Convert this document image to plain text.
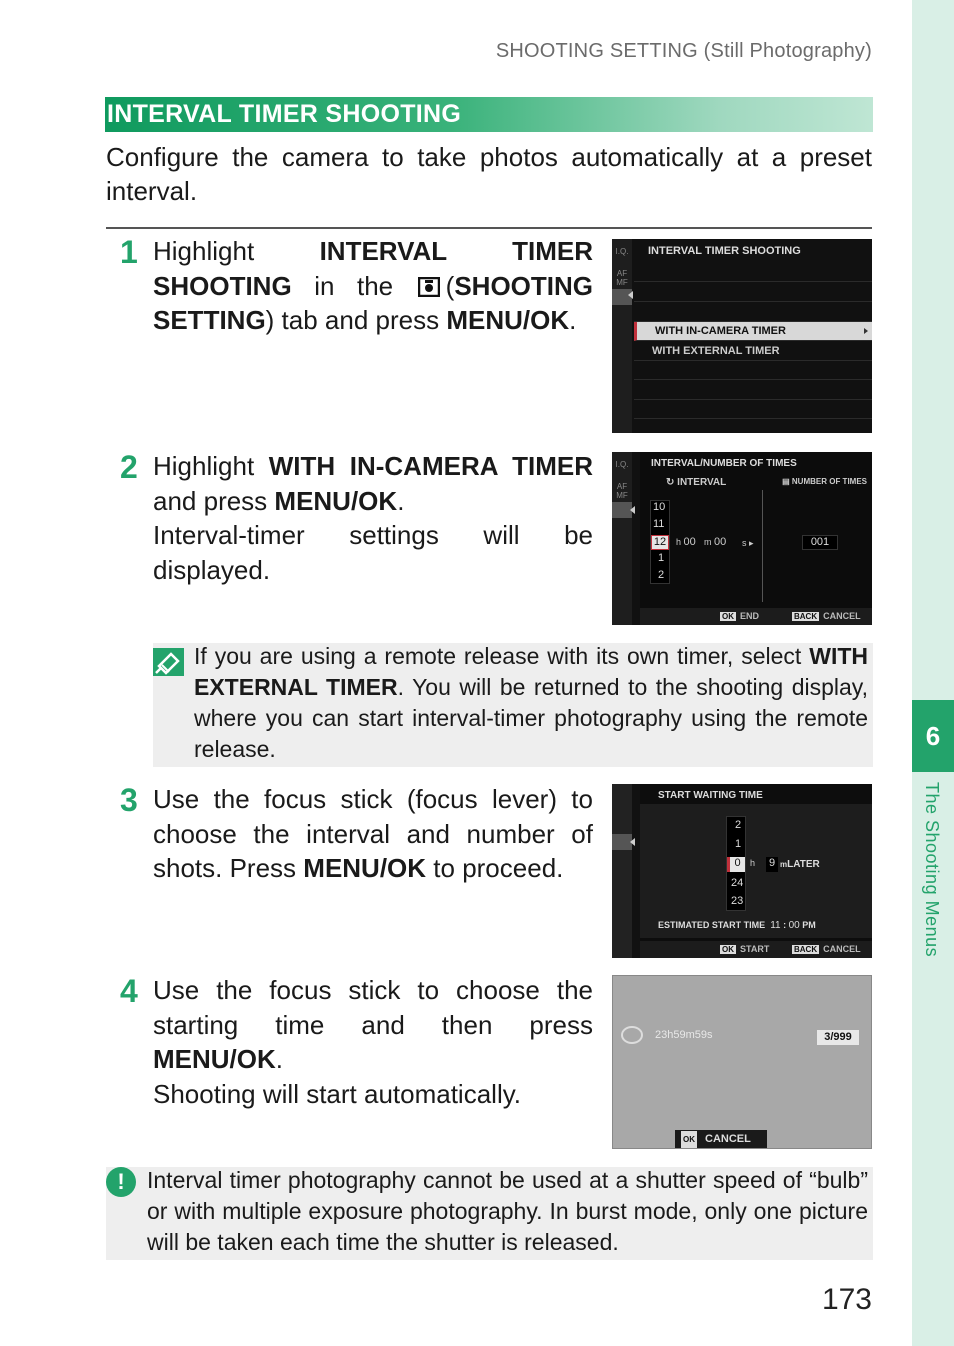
SHOOTING SETTING (Still Photography)
6
The Shooting Menus
INTERVAL TIMER SHOOTING

Configure the camera to take photos automatically at a preset interval.

1 Highlight INTERVAL TIMER SHOOTING in the (SHOOTING SETTING) tab and press MENU/OK.

I.Q.
AF MF
INTERVAL TIMER SHOOTING
WITH IN-CAMERA TIMER
WITH EXTERNAL TIMER
2 Highlight WITH IN-CAMERA TIMER and press MENU/OK.
Interval-timer settings will be displayed.

I.Q.
AF MF
INTERVAL/NUMBER OF TIMES
↻ INTERVAL	▤ NUMBER OF TIMES
10
11
12
1
2
h 00 m 00 s ▸	001
OK END	BACK CANCEL

If you are using a remote release with its own timer, select WITH EXTERNAL TIMER. You will be returned to the shooting display, where you can start interval-timer photography using the remote release.

3 Use the focus stick (focus lever) to choose the interval and number of shots. Press MENU/OK to proceed.

START WAITING TIME
2
1
0
24
23
h 9 mLATER
ESTIMATED START TIME 11 : 00 PM
OK START	BACK CANCEL
4 Use the focus stick to choose the starting time and then press MENU/OK.
Shooting will start automatically.

23h59m59s	3/999
OK CANCEL
! Interval timer photography cannot be used at a shutter speed of “bulb” or with multiple exposure photography. In burst mode, only one picture will be taken each time the shutter is released.

173
